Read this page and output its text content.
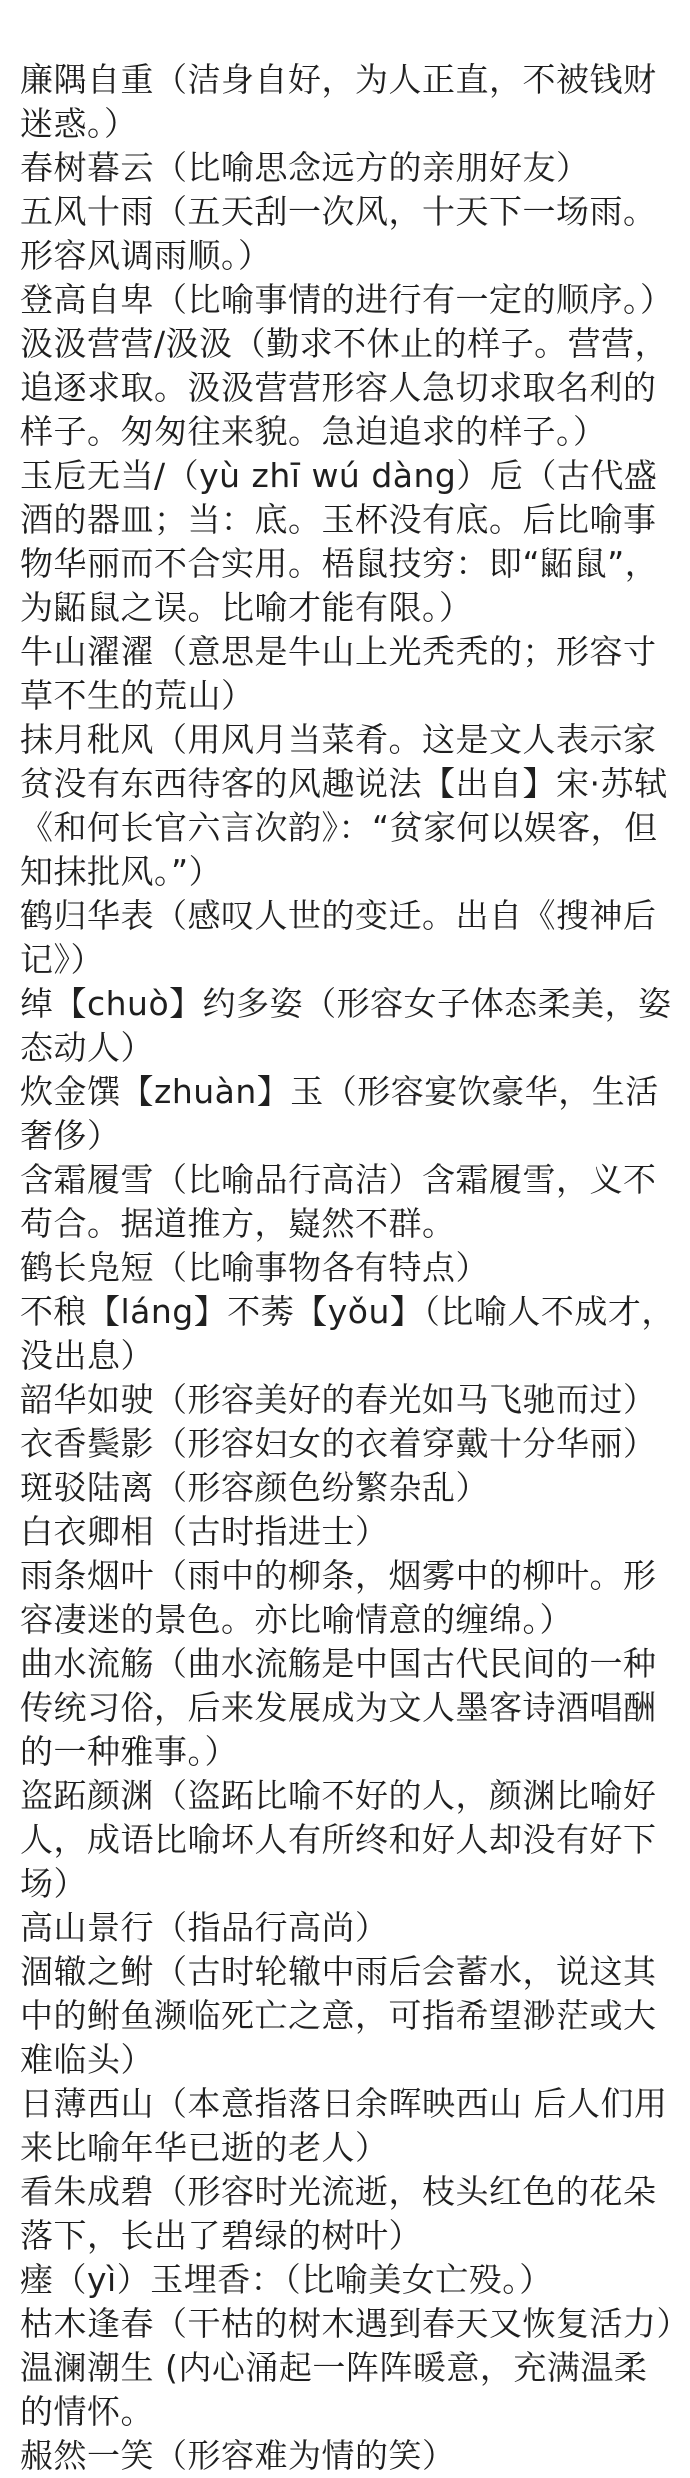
廉隅自重（洁身自好，为人正直，不被钱财迷惑。）

春树暮云（比喻思念远方的亲朋好友）

五风十雨（五天刮一次风，十天下一场雨。形容风调雨顺。）

登高自卑（比喻事情的进行有一定的顺序。）

汲汲营营/汲汲（勤求不休止的样子。营营，追逐求取。汲汲营营形容人急切求取名利的样子。匆匆往来貌。急迫追求的样子。）

玉卮无当/（yù zhī wú dàng）卮（古代盛酒的器皿；当：底。玉杯没有底。后比喻事物华丽而不合实用。梧鼠技穷：即“鼫鼠”，为鼫鼠之误。比喻才能有限。）

牛山濯濯（意思是牛山上光秃秃的；形容寸草不生的荒山）

抹月秕风（用风月当菜肴。这是文人表示家贫没有东西待客的风趣说法【出自】宋·苏轼《和何长官六言次韵》：“贫家何以娱客，但知抹批风。”）

鹤归华表（感叹人世的变迁。出自《搜神后记》）

绰【chuò】约多姿（形容女子体态柔美，姿态动人）

炊金馔【zhuàn】玉（形容宴饮豪华，生活奢侈）

含霜履雪（比喻品行高洁）含霜履雪，义不苟合。据道推方，嶷然不群。

鹤长凫短（比喻事物各有特点）

不稂【láng】不莠【yǒu】（比喻人不成才，没出息）

韶华如驶（形容美好的春光如马飞驰而过）

衣香鬓影（形容妇女的衣着穿戴十分华丽）

斑驳陆离（形容颜色纷繁杂乱）

白衣卿相（古时指进士）

雨条烟叶（雨中的柳条，烟雾中的柳叶。形容凄迷的景色。亦比喻情意的缠绵。）

曲水流觞（曲水流觞是中国古代民间的一种传统习俗，后来发展成为文人墨客诗酒唱酬的一种雅事。）

盗跖颜渊（盗跖比喻不好的人，颜渊比喻好人，成语比喻坏人有所终和好人却没有好下场）

高山景行（指品行高尚）

涸辙之鲋（古时轮辙中雨后会蓄水，说这其中的鲋鱼濒临死亡之意，可指希望渺茫或大难临头）

日薄西山（本意指落日余晖映西山 后人们用来比喻年华已逝的老人）

看朱成碧（形容时光流逝，枝头红色的花朵落下，长出了碧绿的树叶）

瘗（yì）玉埋香：（比喻美女亡殁。）

枯木逢春（干枯的树木遇到春天又恢复活力）

温澜潮生 (内心涌起一阵阵暖意，充满温柔的情怀。

赧然一笑（形容难为情的笑）
